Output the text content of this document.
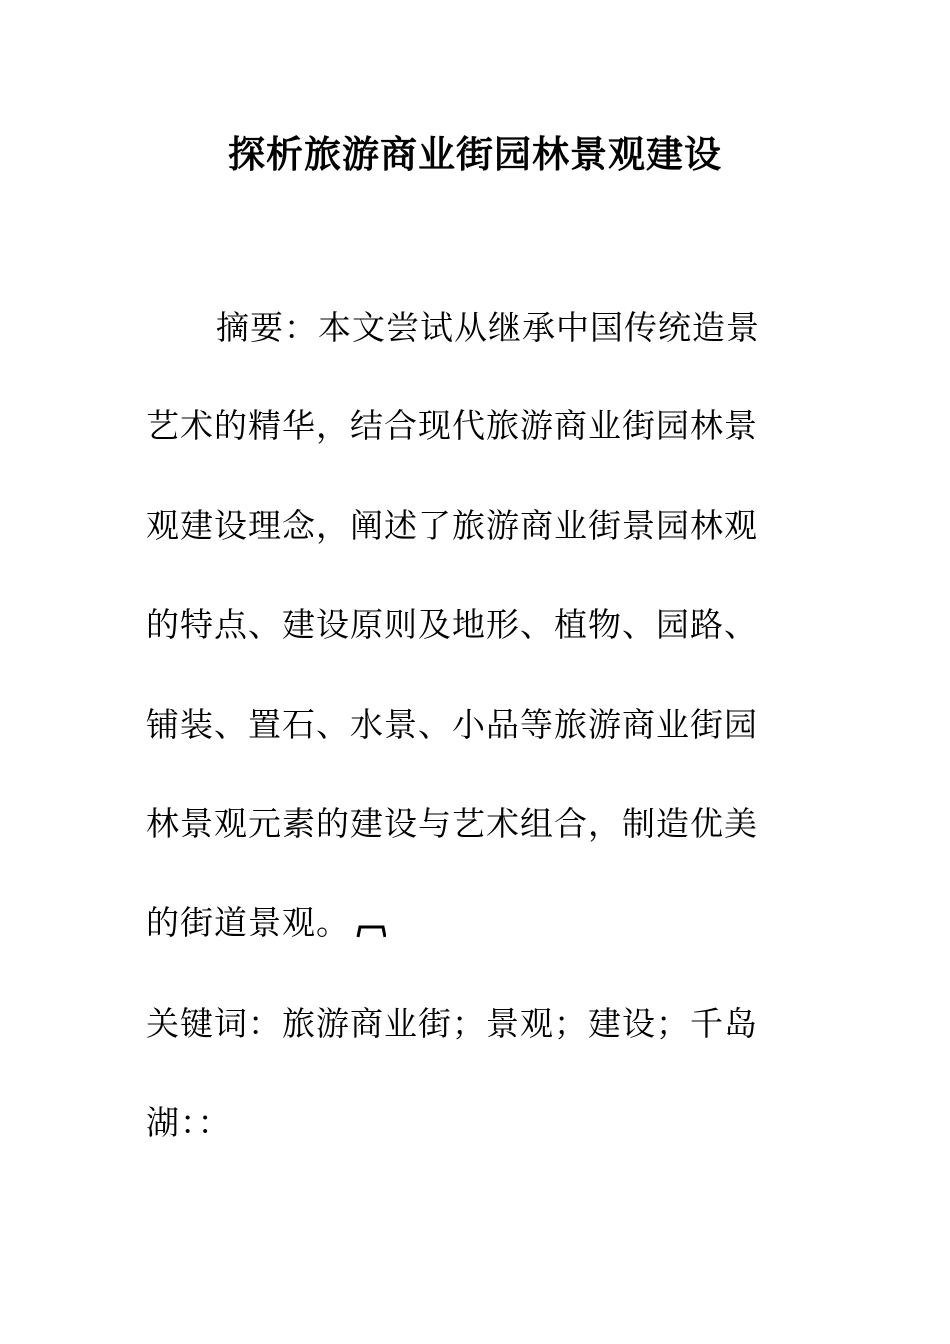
探析旅游商业街园林景观建设
摘要：本文尝试从继承中国传统造景
艺术的精华，结合现代旅游商业街园林景
观建设理念，阐述了旅游商业街景园林观
的特点、建设原则及地形、植物、园路、
铺装、置石、水景、小品等旅游商业街园
林景观元素的建设与艺术组合，制造优美
的街道景观。
关键词：旅游商业街；景观；建设；千岛
湖：：
